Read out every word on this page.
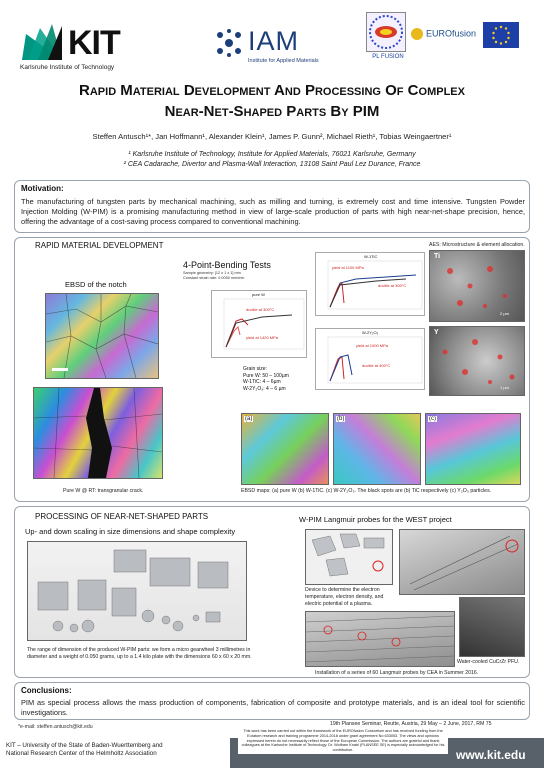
KIT
Karlsruhe Institute of Technology
IAM
Institute for Applied Materials
PL FUSION
EUROfusion
Rapid Material Development And Processing Of Complex
Near-Net-Shaped Parts By PIM
Steffen Antusch¹*, Jan Hoffmann¹, Alexander Klein¹, James P. Gunn², Michael Rieth¹, Tobias Weingaertner¹
¹ Karlsruhe Institute of Technology, Institute for Applied Materials, 76021 Karlsruhe, Germany
² CEA Cadarache, Divertor and Plasma-Wall Interaction, 13108 Saint Paul Lez Durance, France
Motivation:
The manufacturing of tungsten parts by mechanical machining, such as milling and turning, is extremely cost and time intensive. Tungsten Powder Injection Molding (W-PIM) is a promising manufacturing method in view of large-scale production of parts with high near-net-shape precision, hence, offering the advantage of a cost-saving process compared to conventional machining.
RAPID MATERIAL DEVELOPMENT
EBSD of the notch
Pure W @ RT: transgranular crack.
4-Point-Bending Tests
Sample geometry: [12 x 1 x 1] mm
Constant strain rate: 0.0050 mm/min
pure W
ductile at 300°C
yield at 1420 MPa
W-1TiC
yield at 1100 MPa
ductile at 300°C
W-2Y₂O₃
yield at 1000 MPa
ductile at 400°C
Grain size:
Pure W: 50 – 100µm
W-1TiC: 4 – 6µm
W-2Y₂O₃: 4 – 6 µm
AES: Microstructure & element allocation.
Ti
2 µm
Y
1 µm
(a)	(b)	(c)
EBSD maps: (a) pure W (b) W-1TiC. (c) W-2Y₂O₃. The black spots are (b) TiC respectively (c) Y₂O₃ particles.
PROCESSING OF NEAR-NET-SHAPED PARTS
Up- and down scaling in size dimensions and shape complexity
The range of dimension of the produced W-PIM parts: we form a micro gearwheel 3 millimetres in diameter and a weight of 0.050 grams, up to a 1.4 kilo plate with the dimensions 60 x 60 x 20 mm.
W-PIM Langmuir probes for the WEST project
Device to determine the electron temperature, electron density, and electric potential of a plasma.
Water-cooled CuCrZr PFU.
Installation of a series of 60 Langmuir probes by CEA in Summer 2016.
Conclusions:
PIM as special process allows the mass production of components, fabrication of composite and prototype materials, and is an ideal tool for scientific investigations.
*e-mail: steffen.antusch@kit.edu	19th Plansee Seminar, Reutte, Austria, 29 May – 2 June, 2017, RM 75
KIT – University of the State of Baden-Wuerttemberg and
National Research Center of the Helmholtz Association
This work has been carried out within the framework of the EUROfusion Consortium and has received funding from the Euratom research and training programme 2014-2018 under grant agreement No 633053. The views and opinions expressed herein do not necessarily reflect those of the European Commission. The authors are grateful and thank colleagues at the Karlsruhe Institute of Technology. Dr. Wolfram Knabl (PLANSEE SE) is especially acknowledged for his contribution.	www.kit.edu
